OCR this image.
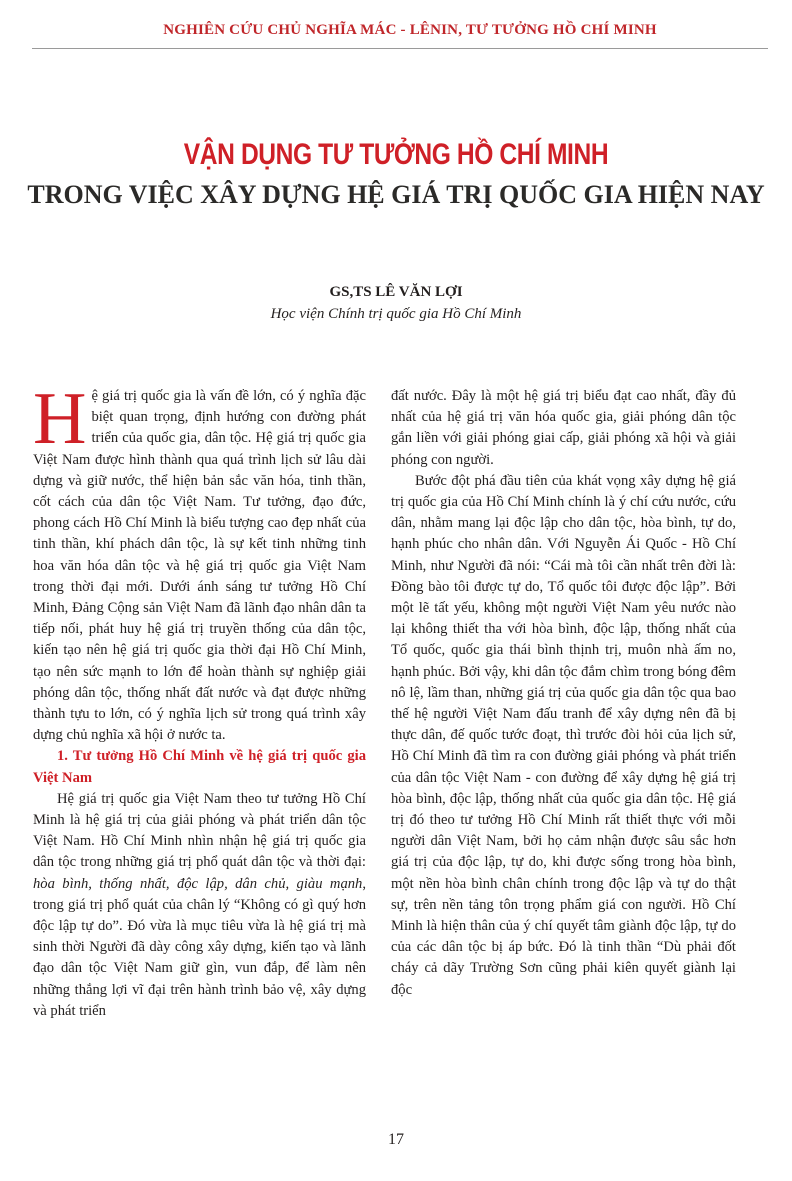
NGHIÊN CỨU CHỦ NGHĨA MÁC - LÊNIN, TƯ TƯỞNG HỒ CHÍ MINH
VẬN DỤNG TƯ TƯỞNG HỒ CHÍ MINH
TRONG VIỆC XÂY DỰNG HỆ GIÁ TRỊ QUỐC GIA HIỆN NAY
GS,TS LÊ VĂN LỢI
Học viện Chính trị quốc gia Hồ Chí Minh

Hệ giá trị quốc gia là vấn đề lớn, có ý nghĩa đặc biệt quan trọng, định hướng con đường phát triển của quốc gia, dân tộc. Hệ giá trị quốc gia Việt Nam được hình thành qua quá trình lịch sử lâu dài dựng và giữ nước, thể hiện bản sắc văn hóa, tinh thần, cốt cách của dân tộc Việt Nam. Tư tưởng, đạo đức, phong cách Hồ Chí Minh là biểu tượng cao đẹp nhất của tinh thần, khí phách dân tộc, là sự kết tinh những tinh hoa văn hóa dân tộc và hệ giá trị quốc gia Việt Nam trong thời đại mới. Dưới ánh sáng tư tưởng Hồ Chí Minh, Đảng Cộng sản Việt Nam đã lãnh đạo nhân dân ta tiếp nối, phát huy hệ giá trị truyền thống của dân tộc, kiến tạo nên hệ giá trị quốc gia thời đại Hồ Chí Minh, tạo nên sức mạnh to lớn để hoàn thành sự nghiệp giải phóng dân tộc, thống nhất đất nước và đạt được những thành tựu to lớn, có ý nghĩa lịch sử trong quá trình xây dựng chủ nghĩa xã hội ở nước ta.

1. Tư tưởng Hồ Chí Minh về hệ giá trị quốc gia Việt Nam

Hệ giá trị quốc gia Việt Nam theo tư tưởng Hồ Chí Minh là hệ giá trị của giải phóng và phát triển dân tộc Việt Nam. Hồ Chí Minh nhìn nhận hệ giá trị quốc gia dân tộc trong những giá trị phổ quát dân tộc và thời đại: hòa bình, thống nhất, độc lập, dân chủ, giàu mạnh, trong giá trị phổ quát của chân lý “Không có gì quý hơn độc lập tự do”. Đó vừa là mục tiêu vừa là hệ giá trị mà sinh thời Người đã dày công xây dựng, kiến tạo và lãnh đạo dân tộc Việt Nam giữ gìn, vun đắp, để làm nên những thắng lợi vĩ đại trên hành trình bảo vệ, xây dựng và phát triển

đất nước. Đây là một hệ giá trị biểu đạt cao nhất, đầy đủ nhất của hệ giá trị văn hóa quốc gia, giải phóng dân tộc gắn liền với giải phóng giai cấp, giải phóng xã hội và giải phóng con người.

Bước đột phá đầu tiên của khát vọng xây dựng hệ giá trị quốc gia của Hồ Chí Minh chính là ý chí cứu nước, cứu dân, nhằm mang lại độc lập cho dân tộc, hòa bình, tự do, hạnh phúc cho nhân dân. Với Nguyễn Ái Quốc - Hồ Chí Minh, như Người đã nói: “Cái mà tôi cần nhất trên đời là: Đồng bào tôi được tự do, Tổ quốc tôi được độc lập”. Bởi một lẽ tất yếu, không một người Việt Nam yêu nước nào lại không thiết tha với hòa bình, độc lập, thống nhất của Tổ quốc, quốc gia thái bình thịnh trị, muôn nhà ấm no, hạnh phúc. Bởi vậy, khi dân tộc đắm chìm trong bóng đêm nô lệ, lầm than, những giá trị của quốc gia dân tộc qua bao thế hệ người Việt Nam đấu tranh để xây dựng nên đã bị thực dân, đế quốc tước đoạt, thì trước đòi hỏi của lịch sử, Hồ Chí Minh đã tìm ra con đường giải phóng và phát triển của dân tộc Việt Nam - con đường để xây dựng hệ giá trị hòa bình, độc lập, thống nhất của quốc gia dân tộc. Hệ giá trị đó theo tư tưởng Hồ Chí Minh rất thiết thực với mỗi người dân Việt Nam, bởi họ cảm nhận được sâu sắc hơn giá trị của độc lập, tự do, khi được sống trong hòa bình, một nền hòa bình chân chính trong độc lập và tự do thật sự, trên nền tảng tôn trọng phẩm giá con người. Hồ Chí Minh là hiện thân của ý chí quyết tâm giành độc lập, tự do của các dân tộc bị áp bức. Đó là tinh thần “Dù phải đốt cháy cả dãy Trường Sơn cũng phải kiên quyết giành lại độc

17
